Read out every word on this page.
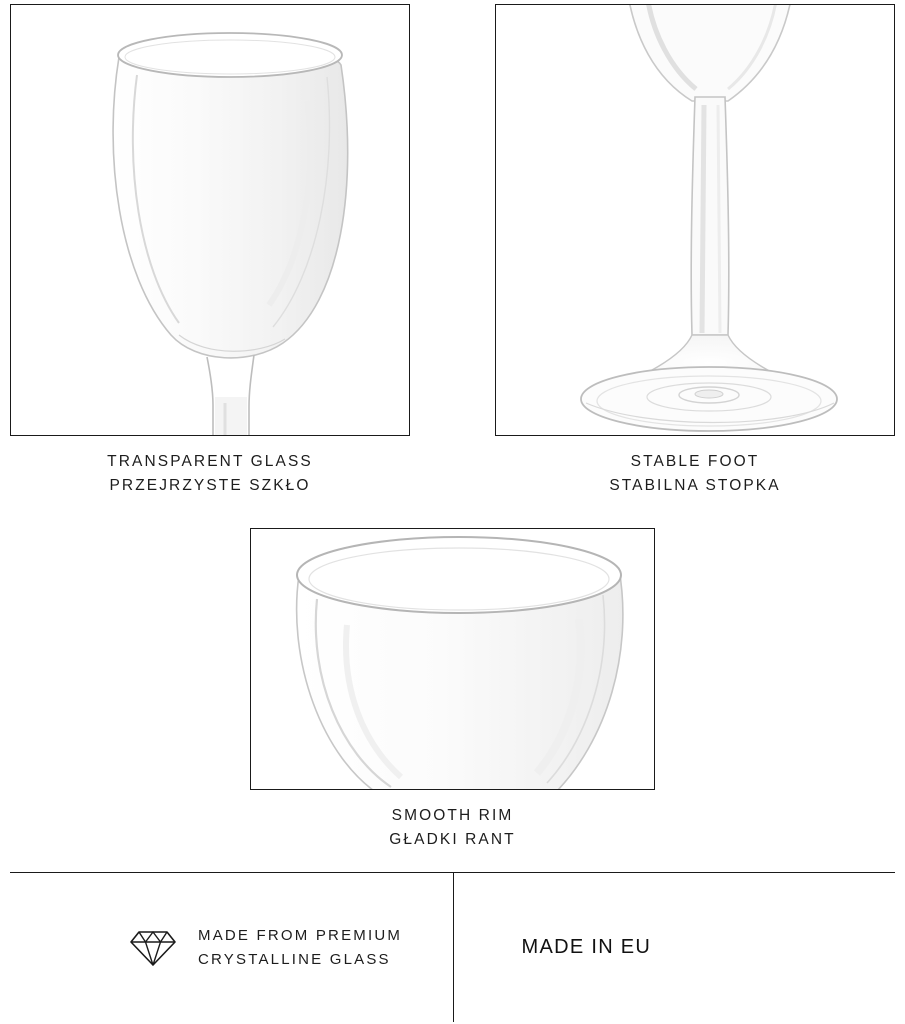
TRANSPARENT GLASS
PRZEJRZYSTE SZKŁO
STABLE FOOT
STABILNA STOPKA
SMOOTH RIM
GŁADKI RANT
MADE FROM PREMIUM
CRYSTALLINE GLASS
MADE IN EU
